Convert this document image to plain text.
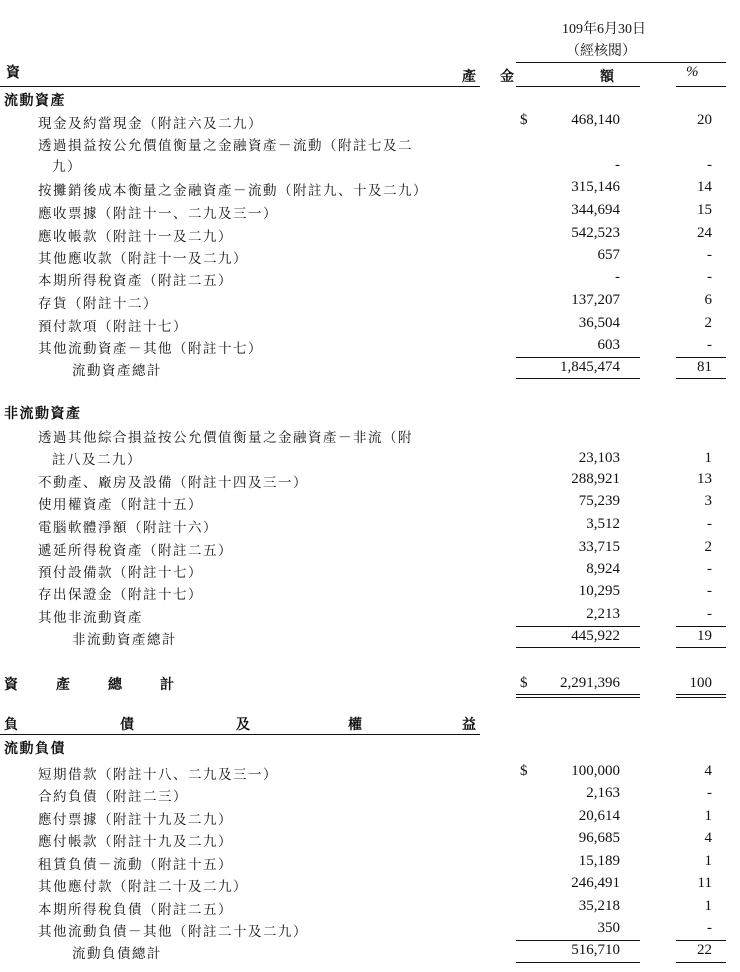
109年6月30日
（經核閱）
資	產 金	額	%
流動資產
現金及約當現金（附註六及二九）	$	468,140	20
透過損益按公允價值衡量之金融資產－流動（附註七及二
九）	-	-
按攤銷後成本衡量之金融資產－流動（附註九、十及二九）	315,146	14
應收票據（附註十一、二九及三一）	344,694	15
應收帳款（附註十一及二九）	542,523	24
其他應收款（附註十一及二九）	657	-
本期所得稅資產（附註二五）	-	-
存貨（附註十二）	137,207	6
預付款項（附註十七）	36,504	2
其他流動資產－其他（附註十七）	603	-
流動資產總計	1,845,474	81
非流動資產
透過其他綜合損益按公允價值衡量之金融資產－非流（附
註八及二九）	23,103	1
不動產、廠房及設備（附註十四及三一）	288,921	13
使用權資產（附註十五）	75,239	3
電腦軟體淨額（附註十六）	3,512	-
遞延所得稅資產（附註二五）	33,715	2
預付設備款（附註十七）	8,924	-
存出保證金（附註十七）	10,295	-
其他非流動資產	2,213	-
非流動資產總計	445,922	19
資	產	總	計	$ 2,291,396	100
負	債	及	權	益
流動負債
短期借款（附註十八、二九及三一）	$	100,000	4
合約負債（附註二三）	2,163	-
應付票據（附註十九及二九）	20,614	1
應付帳款（附註十九及二九）	96,685	4
租賃負債－流動（附註十五）	15,189	1
其他應付款（附註二十及二九）	246,491	11
本期所得稅負債（附註二五）	35,218	1
其他流動負債－其他（附註二十及二九）	350	-
流動負債總計	516,710	22
